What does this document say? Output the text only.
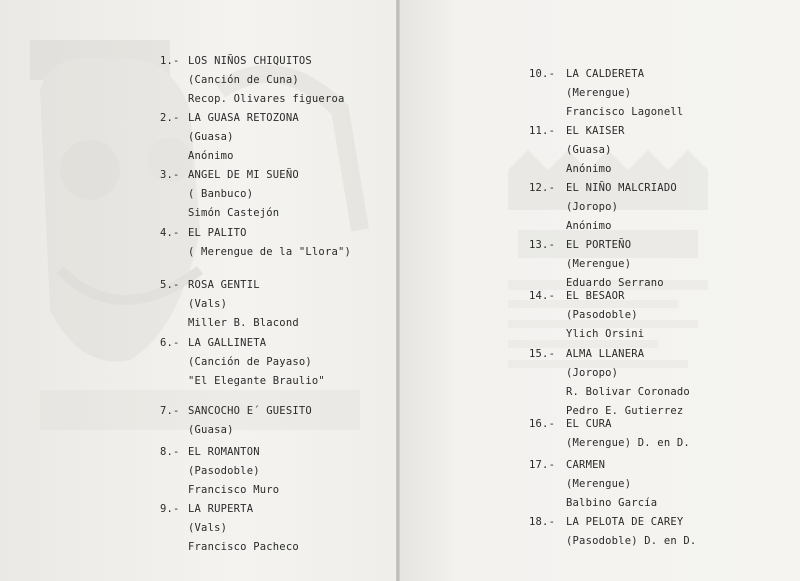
1.- LOS NIÑOS CHIQUITOS
(Canción de Cuna)
Recop. Olivares figueroa
2.- LA GUASA RETOZONA
(Guasa)
Anónimo
3.- ANGEL DE MI SUEÑO
( Banbuco)
Simón Castejón
4.- EL PALITO
( Merengue de la "Llora")
5.- ROSA GENTIL
(Vals)
Miller B. Blacond
6.- LA GALLINETA
(Canción de Payaso)
"El Elegante Braulio"
7.- SANCOCHO E´ GUESITO
(Guasa)
8.- EL ROMANTON
(Pasodoble)
Francisco Muro
9.- LA RUPERTA
(Vals)
Francisco Pacheco
10.- LA CALDERETA
(Merengue)
Francisco Lagonell
11.- EL KAISER
(Guasa)
Anónimo
12.- EL NIÑO MALCRIADO
(Joropo)
Anónimo
13.- EL PORTEÑO
(Merengue)
Eduardo Serrano
14.- EL BESAOR
(Pasodoble)
Ylich Orsini
15.- ALMA LLANERA
(Joropo)
R. Bolivar Coronado
Pedro E. Gutierrez
16.- EL CURA
(Merengue) D. en D.
17.- CARMEN
(Merengue)
Balbino García
18.- LA PELOTA DE CAREY
(Pasodoble) D. en D.
